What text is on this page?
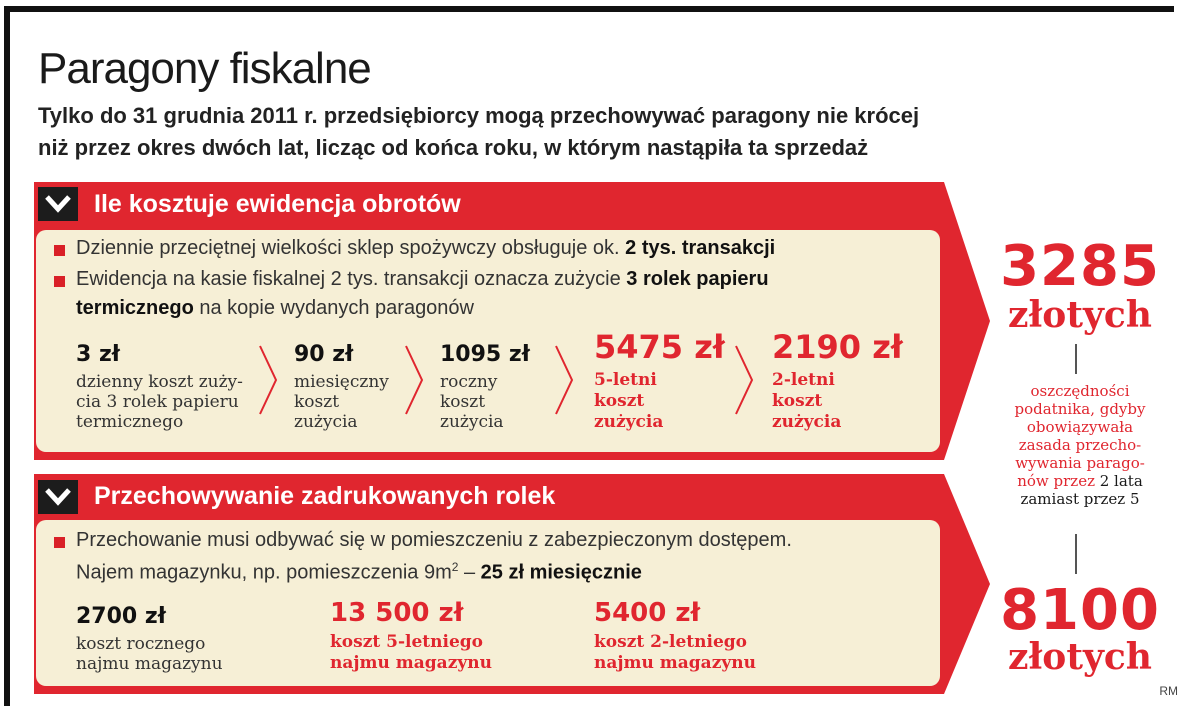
Paragony fiskalne
Tylko do 31 grudnia 2011 r. przedsiębiorcy mogą przechowywać paragony nie krócej
niż przez okres dwóch lat, licząc od końca roku, w którym nastąpiła ta sprzedaż
Ile kosztuje ewidencja obrotów
Dziennie przeciętnej wielkości sklep spożywczy obsługuje ok. 2 tys. transakcji
Ewidencja na kasie fiskalnej 2 tys. transakcji oznacza zużycie 3 rolek papieru
termicznego na kopie wydanych paragonów
3 zł
dzienny koszt zuży-
cia 3 rolek papieru
termicznego
90 zł
miesięczny
koszt
zużycia
1095 zł
roczny
koszt
zużycia
5475 zł
5-letni
koszt
zużycia
2190 zł
2-letni
koszt
zużycia
Przechowywanie zadrukowanych rolek
Przechowanie musi odbywać się w pomieszczeniu z zabezpieczonym dostępem.
Najem magazynku, np. pomieszczenia $9m^2 - 25$ zł miesięcznie
2700 zł
koszt rocznego
najmu magazynu
13 500 zł
koszt 5-letniego
najmu magazynu
5400 zł
koszt 2-letniego
najmu magazynu
3285
złotych
oszczędności
podatnika, gdyby
obowiązywała
zasada przecho-
wywania parago-
nów przez 2 lata
zamiast przez 5
8100
złotych
RM
